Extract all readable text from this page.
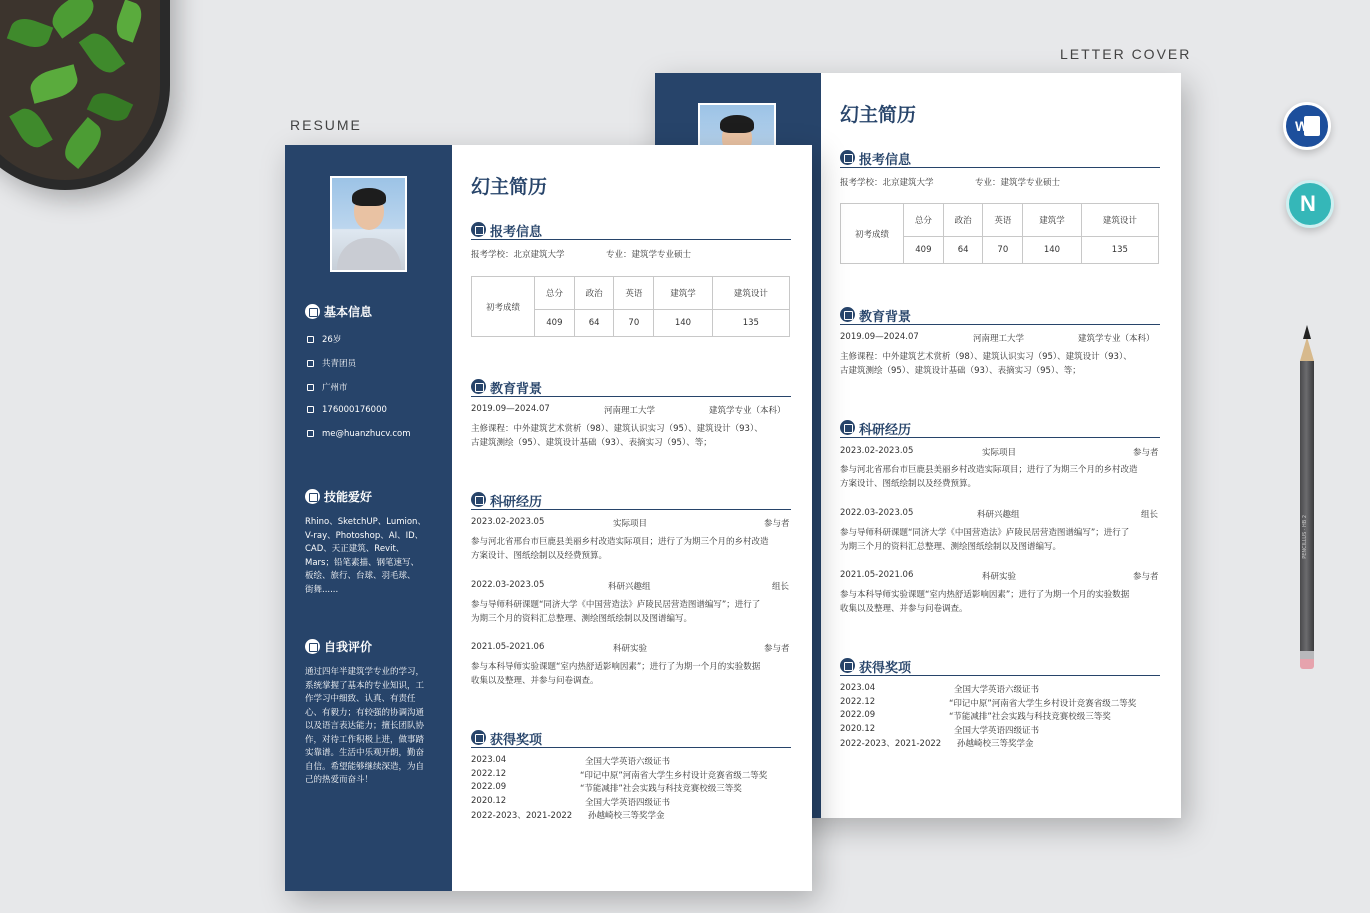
RESUME
LETTER COVER
W
N
PENCILLUS · HB 2
幻主简历
报考信息
报考学校：北京建筑大学	专业：建筑学专业硕士
初考成绩	总分	政治	英语	建筑学	建筑设计
	409	64	70	140	135
教育背景
2019.09—2024.07	河南理工大学	建筑学专业（本科）
主修课程：中外建筑艺术赏析（98）、建筑认识实习（95）、建筑设计（93）、
古建筑测绘（95）、建筑设计基础（93）、表摘实习（95）、等；
科研经历
2023.02-2023.05	实际项目	参与者
参与河北省邢台市巨鹿县美丽乡村改造实际项目；进行了为期三个月的乡村改造
方案设计、图纸绘制以及经费预算。
2022.03-2023.05	科研兴趣组	组长
参与导师科研课题“同济大学《中国营造法》庐陵民居营造图谱编写”；进行了
为期三个月的资料汇总整理、测绘图纸绘制以及图谱编写。
2021.05-2021.06	科研实验	参与者
参与本科导师实验课题“室内热舒适影响因素”；进行了为期一个月的实验数据
收集以及整理、并参与问卷调查。
获得奖项
2023.04	全国大学英语六级证书
2022.12	“印记中原”河南省大学生乡村设计竞赛省级二等奖
2022.09	“节能减排”社会实践与科技竞赛校级三等奖
2020.12	全国大学英语四级证书
2022-2023、2021-2022 孙越崎校三等奖学金
基本信息
26岁
共青团员
广州市
176000176000
me@huanzhucv.com
技能爱好
Rhino、SketchUP、Lumion、
V-ray、Photoshop、AI、ID、
CAD、天正建筑、Revit、
Mars；铅笔素描、钢笔速写、
板绘、旅行、台球、羽毛球、
街舞......
自我评价
通过四年半建筑学专业的学习，
系统掌握了基本的专业知识，工
作学习中细致、认真、有责任
心、有毅力；有较强的协调沟通
以及语言表达能力；擅长团队协
作，对待工作积极上进，做事踏
实靠谱。生活中乐观开朗，勤奋
自信。希望能够继续深造，为自
己的热爱而奋斗！
幻主简历
报考信息
报考学校：北京建筑大学	专业：建筑学专业硕士
初考成绩	总分	政治	英语	建筑学	建筑设计
	409	64	70	140	135
教育背景
2019.09—2024.07	河南理工大学	建筑学专业（本科）
主修课程：中外建筑艺术赏析（98）、建筑认识实习（95）、建筑设计（93）、
古建筑测绘（95）、建筑设计基础（93）、表摘实习（95）、等；
科研经历
2023.02-2023.05	实际项目	参与者
参与河北省邢台市巨鹿县美丽乡村改造实际项目；进行了为期三个月的乡村改造
方案设计、图纸绘制以及经费预算。
2022.03-2023.05	科研兴趣组	组长
参与导师科研课题“同济大学《中国营造法》庐陵民居营造图谱编写”；进行了
为期三个月的资料汇总整理、测绘图纸绘制以及图谱编写。
2021.05-2021.06	科研实验	参与者
参与本科导师实验课题“室内热舒适影响因素”；进行了为期一个月的实验数据
收集以及整理、并参与问卷调查。
获得奖项
2023.04	全国大学英语六级证书
2022.12	“印记中原”河南省大学生乡村设计竞赛省级二等奖
2022.09	“节能减排”社会实践与科技竞赛校级三等奖
2020.12	全国大学英语四级证书
2022-2023、2021-2022 孙越崎校三等奖学金
